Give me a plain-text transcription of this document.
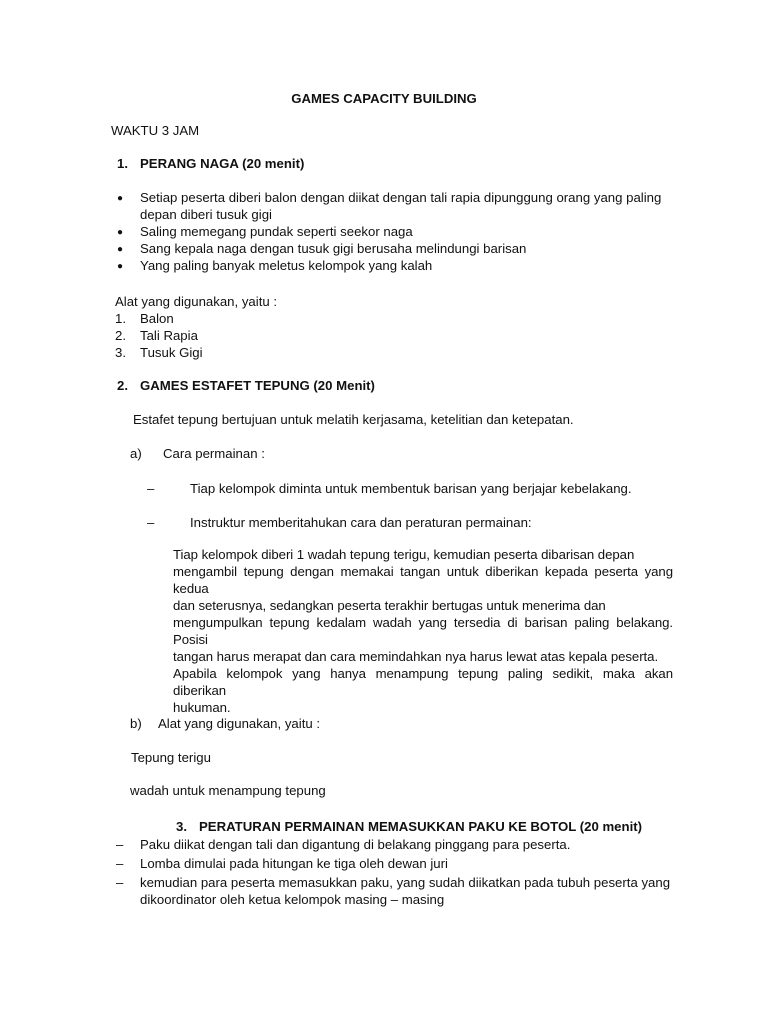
GAMES CAPACITY BUILDING
WAKTU 3 JAM
1. PERANG NAGA (20 menit)
● Setiap peserta diberi balon dengan diikat dengan tali rapia dipunggung orang yang paling
depan diberi tusuk gigi
● Saling memegang pundak seperti seekor naga
● Sang kepala naga dengan tusuk gigi berusaha melindungi barisan
● Yang paling banyak meletus kelompok yang kalah
Alat yang digunakan, yaitu :
1. Balon
2. Tali Rapia
3. Tusuk Gigi
2. GAMES ESTAFET TEPUNG (20 Menit)
Estafet tepung bertujuan untuk melatih kerjasama, ketelitian dan ketepatan.
a) Cara permainan :
–	Tiap kelompok diminta untuk membentuk barisan yang berjajar kebelakang.
–	Instruktur memberitahukan cara dan peraturan permainan:
Tiap kelompok diberi 1 wadah tepung terigu, kemudian peserta dibarisan depan
mengambil tepung dengan memakai tangan untuk diberikan kepada peserta yang kedua
dan seterusnya, sedangkan peserta terakhir bertugas untuk menerima dan
mengumpulkan tepung kedalam wadah yang tersedia di barisan paling belakang. Posisi
tangan harus merapat dan cara memindahkan nya harus lewat atas kepala peserta.
Apabila kelompok yang hanya menampung tepung paling sedikit, maka akan diberikan
hukuman.
b) Alat yang digunakan, yaitu :
Tepung terigu
wadah untuk menampung tepung
3. PERATURAN PERMAINAN MEMASUKKAN PAKU KE BOTOL (20 menit)
– Paku diikat dengan tali dan digantung di belakang pinggang para peserta.
– Lomba dimulai pada hitungan ke tiga oleh dewan juri
– kemudian para peserta memasukkan paku, yang sudah diikatkan pada tubuh peserta yang
dikoordinator oleh ketua kelompok masing – masing
